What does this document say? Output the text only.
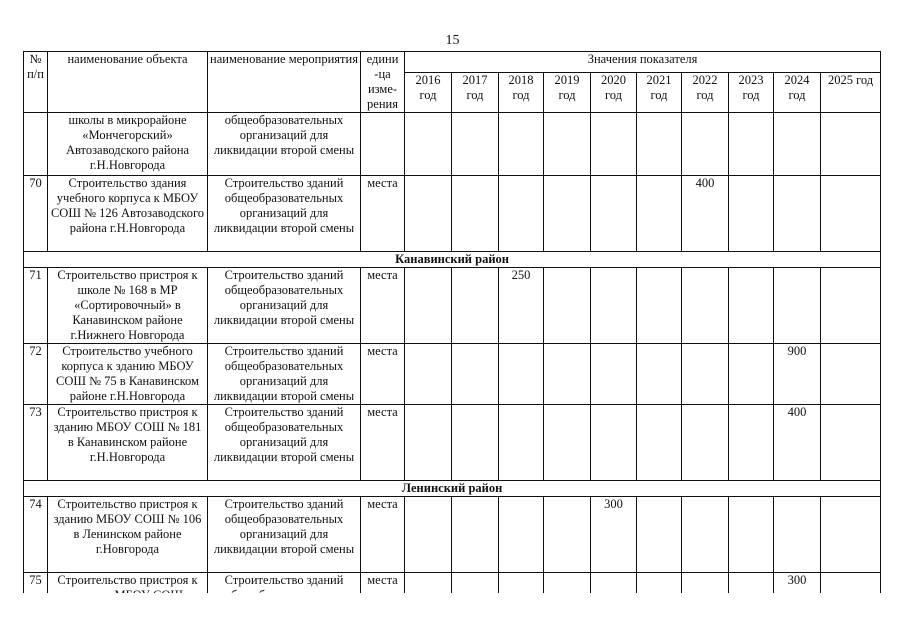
15
№ п/п	наименование объекта	наименование мероприятия	едини -ца изме- рения	Значения показателя									
				2016 год	2017 год	2018 год	2019 год	2020 год	2021 год	2022 год	2023 год	2024 год	2025 год
	школы в микрорайоне «Мончегорский» Автозаводского района г.Н.Новгорода	общеобразовательных организаций для ликвидации второй смены											
70	Строительство здания учебного корпуса к МБОУ СОШ № 126 Автозаводского района г.Н.Новгорода	Строительство зданий общеобразовательных организаций для ликвидации второй смены	места							400			
Канавинский район													
71	Строительство пристроя к школе № 168 в МР «Сортировочный» в Канавинском районе г.Нижнего Новгорода	Строительство зданий общеобразовательных организаций для ликвидации второй смены	места			250							
72	Строительство учебного корпуса к зданию МБОУ СОШ № 75 в Канавинском районе г.Н.Новгорода	Строительство зданий общеобразовательных организаций для ликвидации второй смены	места									900	
73	Строительство пристроя к зданию МБОУ СОШ № 181 в Канавинском районе г.Н.Новгорода	Строительство зданий общеобразовательных организаций для ликвидации второй смены	места									400	
Ленинский район													
74	Строительство пристроя к зданию МБОУ СОШ № 106 в Ленинском районе г.Новгорода	Строительство зданий общеобразовательных организаций для ликвидации второй смены	места					300					
75	Строительство пристроя к	Строительство зданий	места									300	
